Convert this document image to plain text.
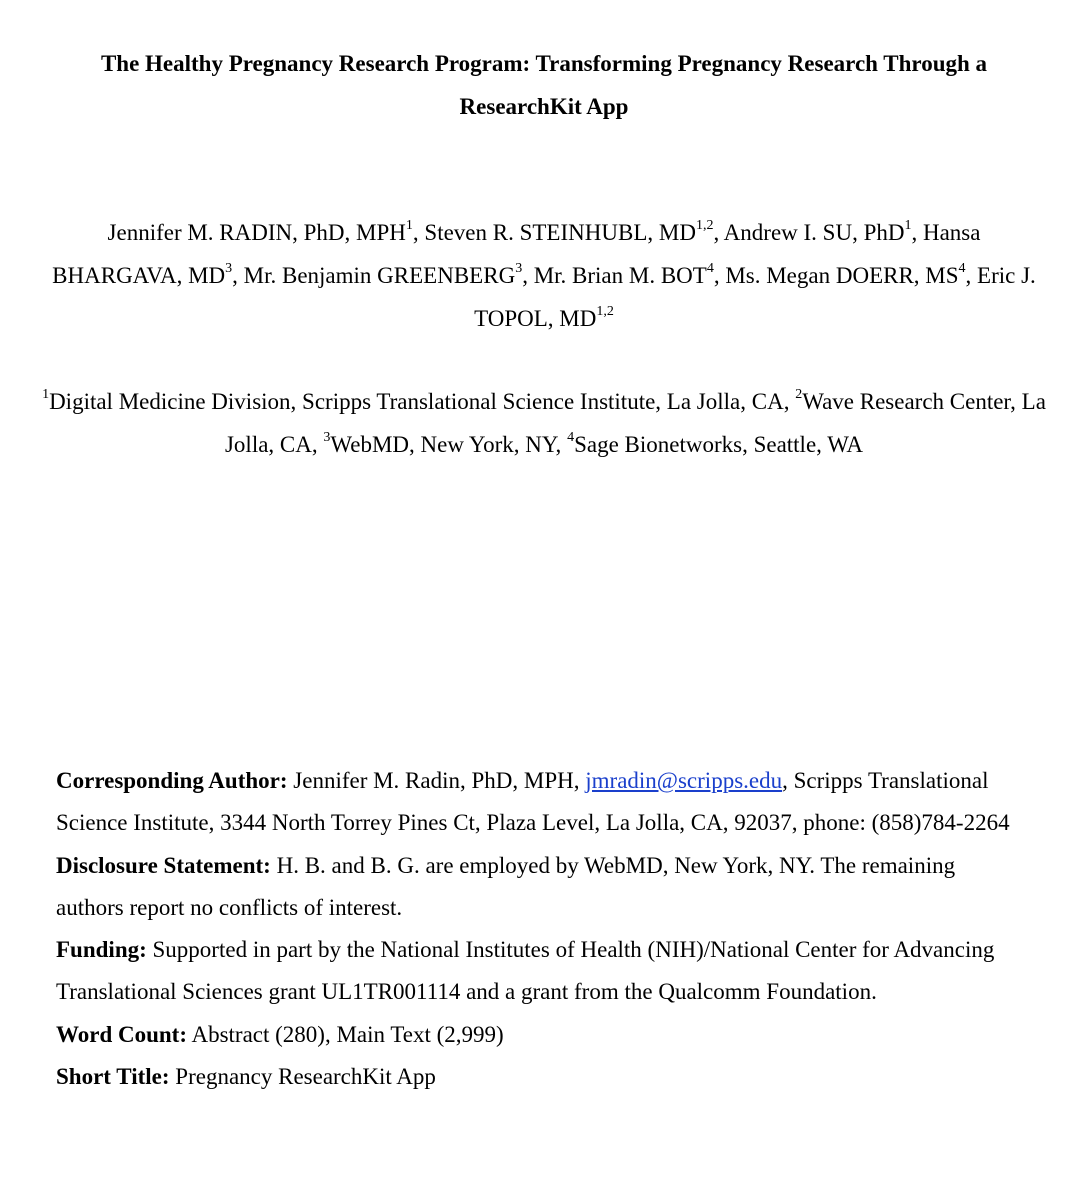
The Healthy Pregnancy Research Program: Transforming Pregnancy Research Through a ResearchKit App
Jennifer M. RADIN, PhD, MPH$^1$, Steven R. STEINHUBL, MD$^{1,2}$, Andrew I. SU, PhD$^1$, Hansa BHARGAVA, $MD^3$, Mr. Benjamin GREENBERG$^3$, Mr. Brian M. BOT$^4$, Ms. Megan DOERR, $MS^4$, Eric J. TOPOL, MD$^{1,2}$
$^1$Digital Medicine Division, Scripps Translational Science Institute, La Jolla, CA, $^2$Wave Research Center, La Jolla, CA, $^3$WebMD, New York, NY, $^4$Sage Bionetworks, Seattle, WA

Corresponding Author: Jennifer M. Radin, PhD, MPH, jmradin@scripps.edu, Scripps Translational Science Institute, 3344 North Torrey Pines Ct, Plaza Level, La Jolla, CA, 92037, phone: (858)784-2264

Disclosure Statement: H. B. and B. G. are employed by WebMD, New York, NY. The remaining authors report no conflicts of interest.

Funding: Supported in part by the National Institutes of Health (NIH)/National Center for Advancing Translational Sciences grant UL1TR001114 and a grant from the Qualcomm Foundation.

Word Count: Abstract (280), Main Text (2,999)

Short Title: Pregnancy ResearchKit App
